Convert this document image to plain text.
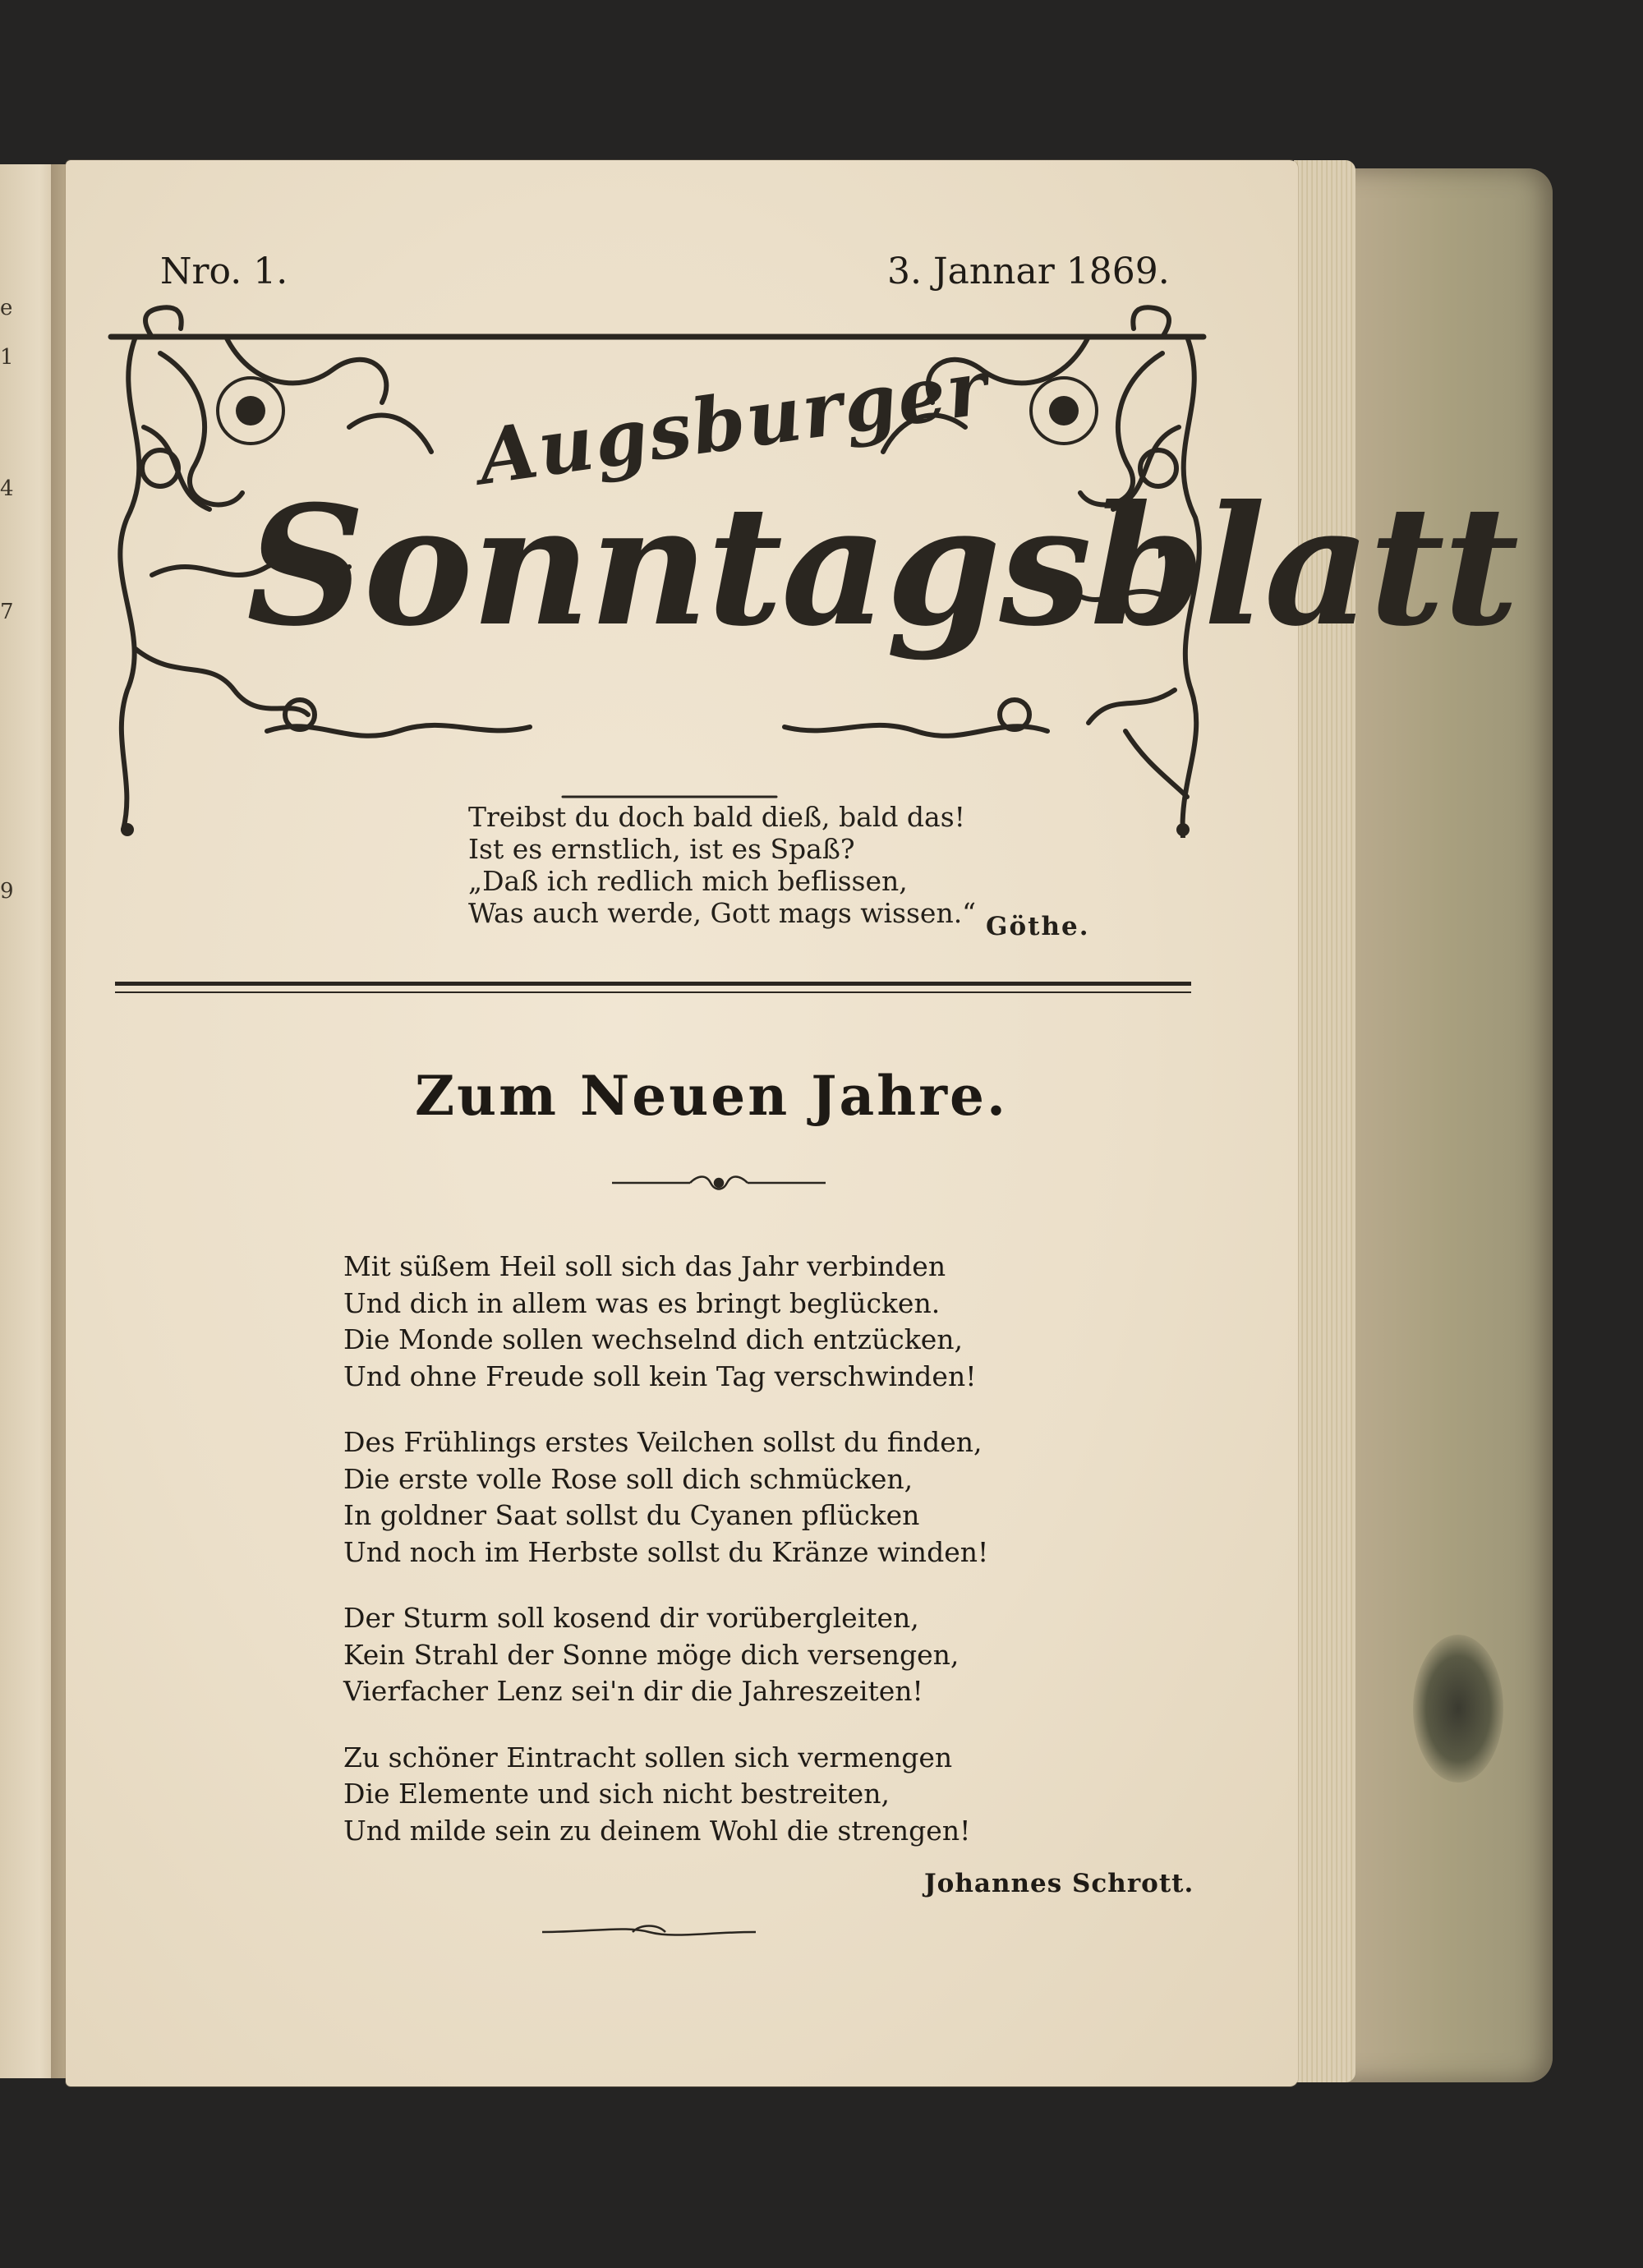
e
1
4
7
9
Nro. 1.	3. Jannar 1869.
Augsburger
Sonntagsblatt
Treibst du doch bald dieß, bald das!
Ist es ernstlich, ist es Spaß?
„Daß ich redlich mich beflissen,
Was auch werde, Gott mags wissen.“ Göthe.
Zum Neuen Jahre.
Mit süßem Heil soll sich das Jahr verbinden
Und dich in allem was es bringt beglücken.
Die Monde sollen wechselnd dich entzücken,
Und ohne Freude soll kein Tag verschwinden!
Des Frühlings erstes Veilchen sollst du finden,
Die erste volle Rose soll dich schmücken,
In goldner Saat sollst du Cyanen pflücken
Und noch im Herbste sollst du Kränze winden!
Der Sturm soll kosend dir vorübergleiten,
Kein Strahl der Sonne möge dich versengen,
Vierfacher Lenz sei'n dir die Jahreszeiten!
Zu schöner Eintracht sollen sich vermengen
Die Elemente und sich nicht bestreiten,
Und milde sein zu deinem Wohl die strengen!
Johannes Schrott.
